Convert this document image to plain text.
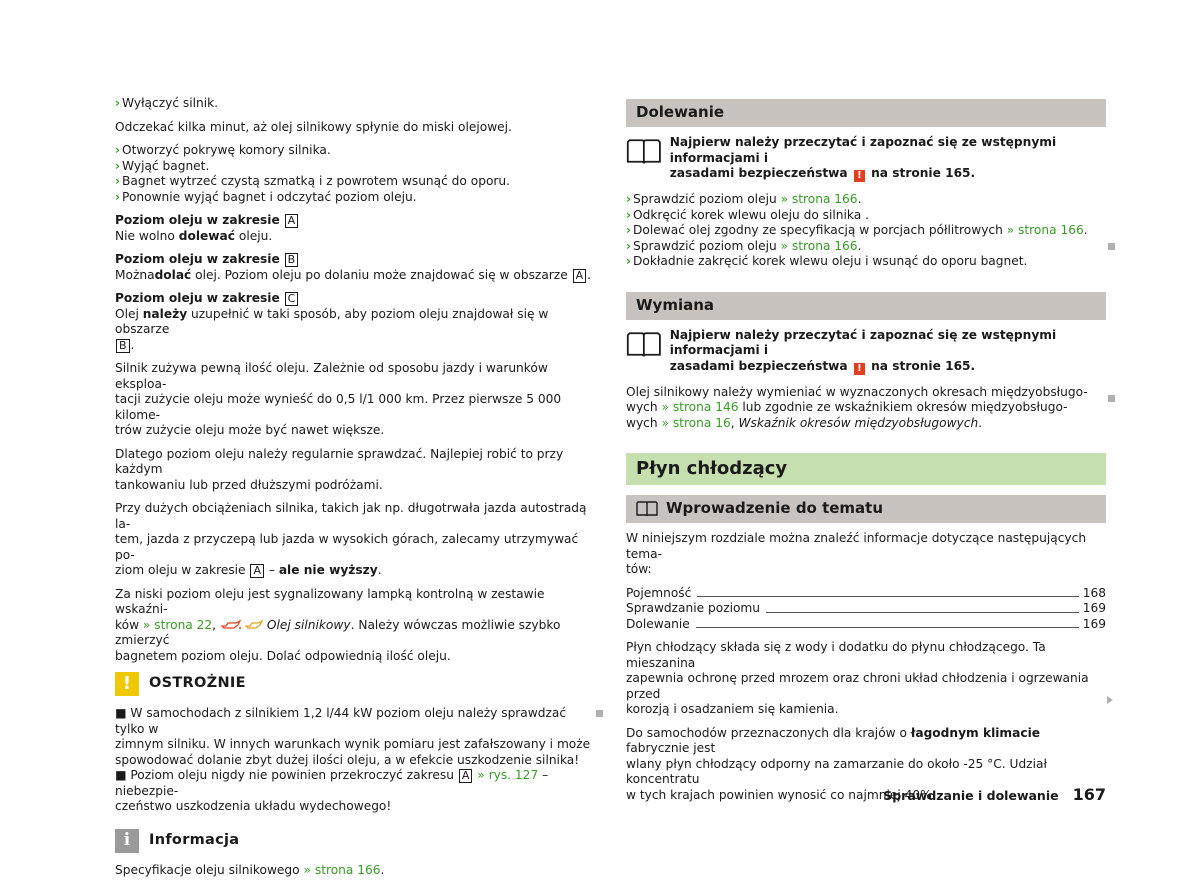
› Wyłączyć silnik.

Odczekać kilka minut, aż olej silnikowy spłynie do miski olejowej.

› Otworzyć pokrywę komory silnika.
› Wyjąć bagnet.
› Bagnet wytrzeć czystą szmatką i z powrotem wsunąć do oporu.
› Ponownie wyjąć bagnet i odczytać poziom oleju.
Poziom oleju w zakresie A
Nie wolno dolewać oleju.
Poziom oleju w zakresie B
Możnadolać olej. Poziom oleju po dolaniu może znajdować się w obszarze A .
Poziom oleju w zakresie C
Olej należy uzupełnić w taki sposób, aby poziom oleju znajdował się w obszarze
B .

Silnik zużywa pewną ilość oleju. Zależnie od sposobu jazdy i warunków eksploa-
tacji zużycie oleju może wynieść do 0,5 l/1 000 km. Przez pierwsze 5 000 kilome-
trów zużycie oleju może być nawet większe.

Dlatego poziom oleju należy regularnie sprawdzać. Najlepiej robić to przy każdym
tankowaniu lub przed dłuższymi podróżami.

Przy dużych obciążeniach silnika, takich jak np. długotrwała jazda autostradą la-
tem, jazda z przyczepą lub jazda w wysokich górach, zalecamy utrzymywać po-
ziom oleju w zakresie A – ale nie wyższy.

Za niski poziom oleju jest sygnalizowany lampką kontrolną w zestawie wskaźni-
ków » strona 22,	Olej silnikowy. Należy wówczas możliwie szybko zmierzyć
bagnetem poziom oleju. Dolać odpowiednią ilość oleju.

!	OSTROŻNIE

■ W samochodach z silnikiem 1,2 l/44 kW poziom oleju należy sprawdzać tylko w
zimnym silniku. W innych warunkach wynik pomiaru jest zafałszowany i może
spowodować dolanie zbyt dużej ilości oleju, a w efekcie uszkodzenie silnika!
■ Poziom oleju nigdy nie powinien przekroczyć zakresu A » rys. 127 – niebezpie-
czeństwo uszkodzenia układu wydechowego!

i	Informacja

Specyfikacje oleju silnikowego » strona 166.

Dolewanie
Najpierw należy przeczytać i zapoznać się ze wstępnymi informacjami i
zasadami bezpieczeństwa ! na stronie 165.
› Sprawdzić poziom oleju » strona 166.
› Odkręcić korek wlewu oleju do silnika .
› Dolewać olej zgodny ze specyfikacją w porcjach półlitrowych » strona 166.
› Sprawdzić poziom oleju » strona 166.
› Dokładnie zakręcić korek wlewu oleju i wsunąć do oporu bagnet.
Wymiana
Najpierw należy przeczytać i zapoznać się ze wstępnymi informacjami i
zasadami bezpieczeństwa ! na stronie 165.

Olej silnikowy należy wymieniać w wyznaczonych okresach międzyobsługo-
wych » strona 146 lub zgodnie ze wskaźnikiem okresów międzyobsługo-
wych » strona 16, Wskaźnik okresów międzyobsługowych.

Płyn chłodzący
Wprowadzenie do tematu

W niniejszym rozdziale można znaleźć informacje dotyczące następujących tema-
tów:

Pojemność	168
Sprawdzanie poziomu	169
Dolewanie	169

Płyn chłodzący składa się z wody i dodatku do płynu chłodzącego. Ta mieszanina
zapewnia ochronę przed mrozem oraz chroni układ chłodzenia i ogrzewania przed
korozją i osadzaniem się kamienia.

Do samochodów przeznaczonych dla krajów o łagodnym klimacie fabrycznie jest
wlany płyn chłodzący odporny na zamarzanie do około -25 °C. Udział koncentratu
w tych krajach powinien wynosić co najmniej 40%.

Sprawdzanie i dolewanie 167
